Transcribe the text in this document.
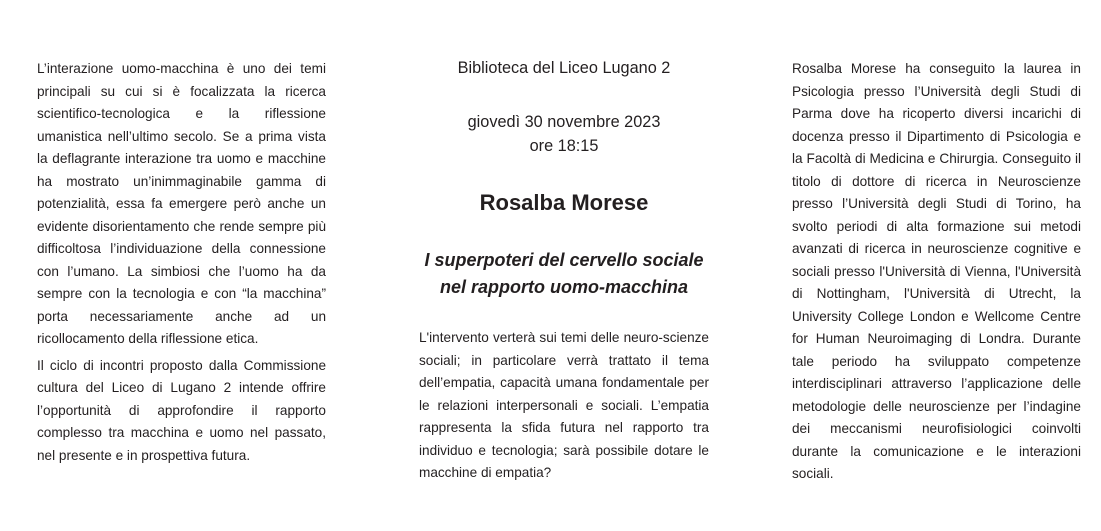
L’interazione uomo-macchina è uno dei temi principali su cui si è focalizzata la ricerca scientifico-tecnologica e la riflessione umanistica nell’ultimo secolo. Se a prima vista la deflagrante interazione tra uomo e macchine ha mostrato un’inimmaginabile gamma di potenzialità, essa fa emergere però anche un evidente disorientamento che rende sempre più difficoltosa l’individuazione della connessione con l’umano. La simbiosi che l’uomo ha da sempre con la tecnologia e con “la macchina” porta necessariamente anche ad un ricollocamento della riflessione etica.

Il ciclo di incontri proposto dalla Commissione cultura del Liceo di Lugano 2 intende offrire l’opportunità di approfondire il rapporto complesso tra macchina e uomo nel passato, nel presente e in prospettiva futura.

Biblioteca del Liceo Lugano 2

giovedì 30 novembre 2023

ore 18:15

Rosalba Morese
I superpoteri del cervello sociale
nel rapporto uomo-macchina

L'intervento verterà sui temi delle neuro-scienze sociali; in particolare verrà trattato il tema dell’empatia, capacità umana fondamentale per le relazioni interpersonali e sociali. L’empatia rappresenta la sfida futura nel rapporto tra individuo e tecnologia; sarà possibile dotare le macchine di empatia?

Rosalba Morese ha conseguito la laurea in Psicologia presso l’Università degli Studi di Parma dove ha ricoperto diversi incarichi di docenza presso il Dipartimento di Psicologia e la Facoltà di Medicina e Chirurgia. Conseguito il titolo di dottore di ricerca in Neuroscienze presso l’Università degli Studi di Torino, ha svolto periodi di alta formazione sui metodi avanzati di ricerca in neuroscienze cognitive e sociali presso l'Università di Vienna, l'Università di Nottingham, l'Università di Utrecht, la University College London e Wellcome Centre for Human Neuroimaging di Londra. Durante tale periodo ha sviluppato competenze interdisciplinari attraverso l’applicazione delle metodologie delle neuroscienze per l’indagine dei meccanismi neurofisiologici coinvolti durante la comunicazione e le interazioni sociali.
